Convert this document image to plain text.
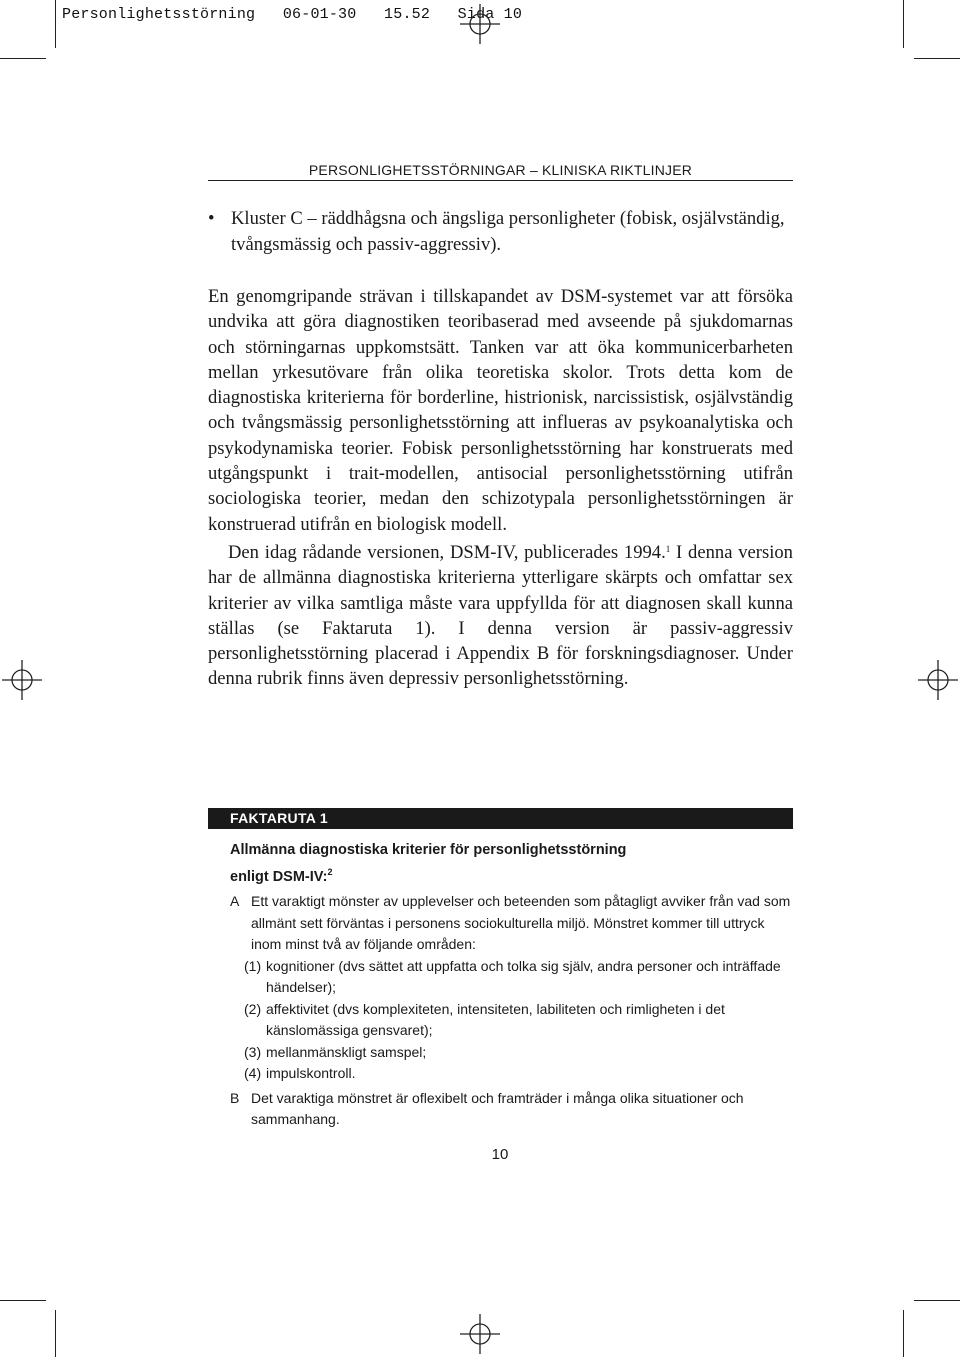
Personlighetsstörning   06-01-30   15.52   Sida 10
PERSONLIGHETSSTÖRNINGAR – KLINISKA RIKTLINJER
• Kluster C – räddhågsna och ängsliga personligheter (fobisk, osjälvständig, tvångsmässig och passiv-aggressiv).

En genomgripande strävan i tillskapandet av DSM-systemet var att försöka undvika att göra diagnostiken teoribaserad med avseende på sjukdomarnas och störningarnas uppkomstsätt. Tanken var att öka kommunicerbarheten mellan yrkesutövare från olika teoretiska skolor. Trots detta kom de diagnostiska kriterierna för borderline, histrionisk, narcissistisk, osjälvständig och tvångsmässig personlighetsstörning att influeras av psykoanalytiska och psykodynamiska teorier. Fobisk personlighetsstörning har konstruerats med utgångspunkt i trait-modellen, antisocial personlighetsstörning utifrån sociologiska teorier, medan den schizotypala personlighetsstörningen är konstruerad utifrån en biologisk modell.

Den idag rådande versionen, DSM-IV, publicerades 1994.$^1$ I denna version har de allmänna diagnostiska kriterierna ytterligare skärpts och omfattar sex kriterier av vilka samtliga måste vara uppfyllda för att diagnosen skall kunna ställas (se Faktaruta 1). I denna version är passiv-aggressiv personlighetsstörning placerad i Appendix B för forskningsdiagnoser. Under denna rubrik finns även depressiv personlighetsstörning.

FAKTARUTA 1
Allmänna diagnostiska kriterier för personlighetsstörning
enligt DSM-IV:$^2$
A Ett varaktigt mönster av upplevelser och beteenden som påtagligt avviker från vad som allmänt sett förväntas i personens sociokulturella miljö. Mönstret kommer till uttryck inom minst två av följande områden:
(1) kognitioner (dvs sättet att uppfatta och tolka sig själv, andra personer och inträffade händelser);
(2) affektivitet (dvs komplexiteten, intensiteten, labiliteten och rimligheten i det känslomässiga gensvaret);
(3) mellanmänskligt samspel;
(4) impulskontroll.
B Det varaktiga mönstret är oflexibelt och framträder i många olika situationer och sammanhang.
10
